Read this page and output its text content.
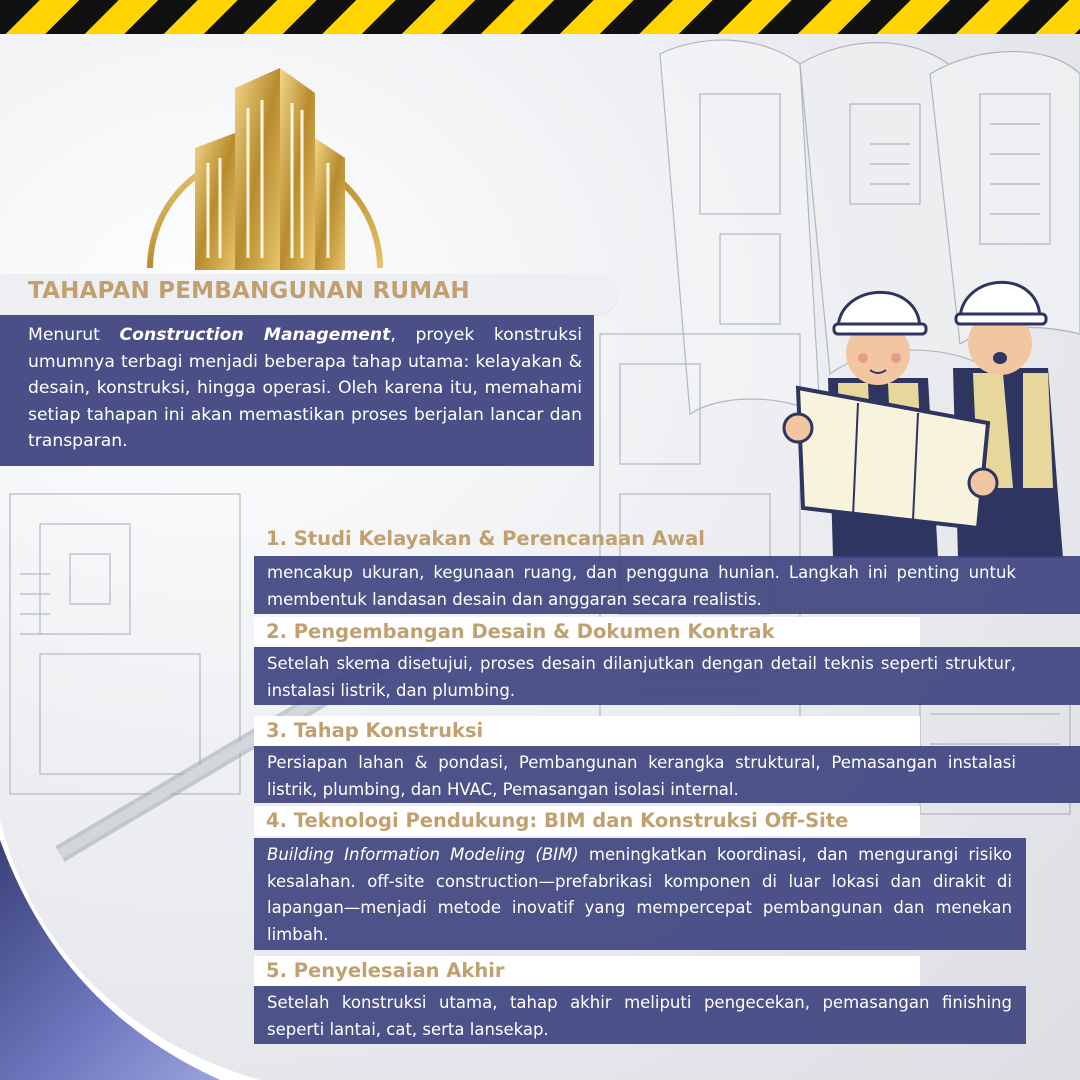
TAHAPAN PEMBANGUNAN RUMAH

Menurut Construction Management, proyek konstruksi umumnya terbagi menjadi beberapa tahap utama: kelayakan & desain, konstruksi, hingga operasi. Oleh karena itu, memahami setiap tahapan ini akan memastikan proses berjalan lancar dan transparan.

1. Studi Kelayakan & Perencanaan Awal

mencakup ukuran, kegunaan ruang, dan pengguna hunian. Langkah ini penting untuk membentuk landasan desain dan anggaran secara realistis.

2. Pengembangan Desain & Dokumen Kontrak

Setelah skema disetujui, proses desain dilanjutkan dengan detail teknis seperti struktur, instalasi listrik, dan plumbing.

3. Tahap Konstruksi

Persiapan lahan & pondasi, Pembangunan kerangka struktural, Pemasangan instalasi listrik, plumbing, dan HVAC, Pemasangan isolasi internal.

4. Teknologi Pendukung: BIM dan Konstruksi Off-Site

Building Information Modeling (BIM) meningkatkan koordinasi, dan mengurangi risiko kesalahan. off-site construction—prefabrikasi komponen di luar lokasi dan dirakit di lapangan—menjadi metode inovatif yang mempercepat pembangunan dan menekan limbah.

5. Penyelesaian Akhir

Setelah konstruksi utama, tahap akhir meliputi pengecekan, pemasangan finishing seperti lantai, cat, serta lansekap.
